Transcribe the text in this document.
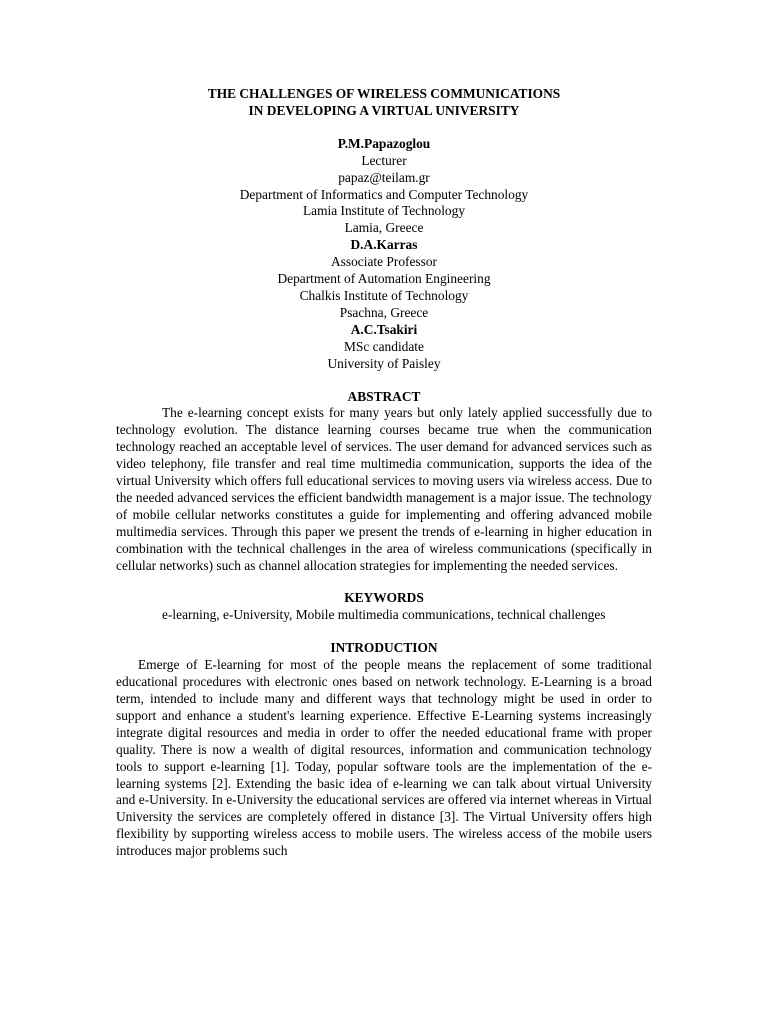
THE CHALLENGES OF WIRELESS COMMUNICATIONS
IN DEVELOPING A VIRTUAL UNIVERSITY
P.M.Papazoglou
Lecturer
papaz@teilam.gr
Department of Informatics and Computer Technology
Lamia Institute of Technology
Lamia, Greece
D.A.Karras
Associate Professor
Department of Automation Engineering
Chalkis Institute of Technology
Psachna, Greece
A.C.Tsakiri
MSc candidate
University of Paisley
ABSTRACT

The e-learning concept exists for many years but only lately applied successfully due to technology evolution. The distance learning courses became true when the communication technology reached an acceptable level of services. The user demand for advanced services such as video telephony, file transfer and real time multimedia communication, supports the idea of the virtual University which offers full educational services to moving users via wireless access. Due to the needed advanced services the efficient bandwidth management is a major issue. The technology of mobile cellular networks constitutes a guide for implementing and offering advanced mobile multimedia services. Through this paper we present the trends of e-learning in higher education in combination with the technical challenges in the area of wireless communications (specifically in cellular networks) such as channel allocation strategies for implementing the needed services.

KEYWORDS

e-learning, e-University, Mobile multimedia communications, technical challenges

INTRODUCTION

Emerge of E-learning for most of the people means the replacement of some traditional educational procedures with electronic ones based on network technology. E-Learning is a broad term, intended to include many and different ways that technology might be used in order to support and enhance a student's learning experience. Effective E-Learning systems increasingly integrate digital resources and media in order to offer the needed educational frame with proper quality. There is now a wealth of digital resources, information and communication technology tools to support e-learning [1]. Today, popular software tools are the implementation of the e-learning systems [2]. Extending the basic idea of e-learning we can talk about virtual University and e-University. In e-University the educational services are offered via internet whereas in Virtual University the services are completely offered in distance [3]. The Virtual University offers high flexibility by supporting wireless access to mobile users. The wireless access of the mobile users introduces major problems such
